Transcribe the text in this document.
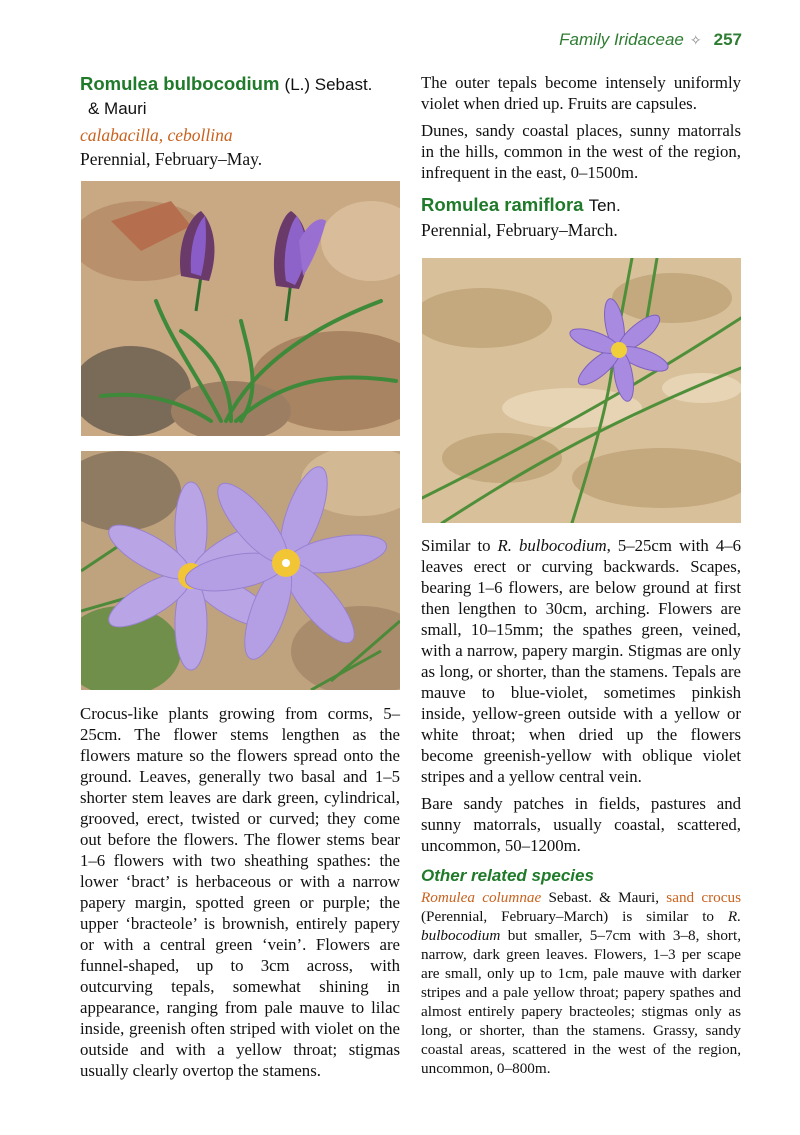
Family Iridaceae ✧ 257
Romulea bulbocodium (L.) Sebast.
& Mauri
calabacilla, cebollina
Perennial, February–May.

Crocus-like plants growing from corms, 5–25cm. The flower stems lengthen as the flowers mature so the flowers spread onto the ground. Leaves, generally two basal and 1–5 shorter stem leaves are dark green, cylindrical, grooved, erect, twisted or curved; they come out before the flowers. The flower stems bear 1–6 flowers with two sheathing spathes: the lower ‘bract’ is herbaceous or with a narrow papery margin, spotted green or purple; the upper ‘bracteole’ is brownish, entirely papery or with a central green ‘vein’. Flowers are funnel-shaped, up to 3cm across, with outcurving tepals, somewhat shining in appearance, ranging from pale mauve to lilac inside, greenish often striped with violet on the outside and with a yellow throat; stigmas usually clearly overtop the stamens.

The outer tepals become intensely uniformly violet when dried up. Fruits are capsules.

Dunes, sandy coastal places, sunny matorrals in the hills, common in the west of the region, infrequent in the east, 0–1500m.

Romulea ramiflora Ten.
Perennial, February–March.

Similar to R. bulbocodium, 5–25cm with 4–6 leaves erect or curving backwards. Scapes, bearing 1–6 flowers, are below ground at first then lengthen to 30cm, arching. Flowers are small, 10–15mm; the spathes green, veined, with a narrow, papery margin. Stigmas are only as long, or shorter, than the stamens. Tepals are mauve to blue-violet, sometimes pinkish inside, yellow-green outside with a yellow or white throat; when dried up the flowers become greenish-yellow with oblique violet stripes and a yellow central vein.

Bare sandy patches in fields, pastures and sunny matorrals, usually coastal, scattered, uncommon, 50–1200m.

Other related species

Romulea columnae Sebast. & Mauri, sand crocus (Perennial, February–March) is similar to R. bulbocodium but smaller, 5–7cm with 3–8, short, narrow, dark green leaves. Flowers, 1–3 per scape are small, only up to 1cm, pale mauve with darker stripes and a pale yellow throat; papery spathes and almost entirely papery bracteoles; stigmas only as long, or shorter, than the stamens. Grassy, sandy coastal areas, scattered in the west of the region, uncommon, 0–800m.
